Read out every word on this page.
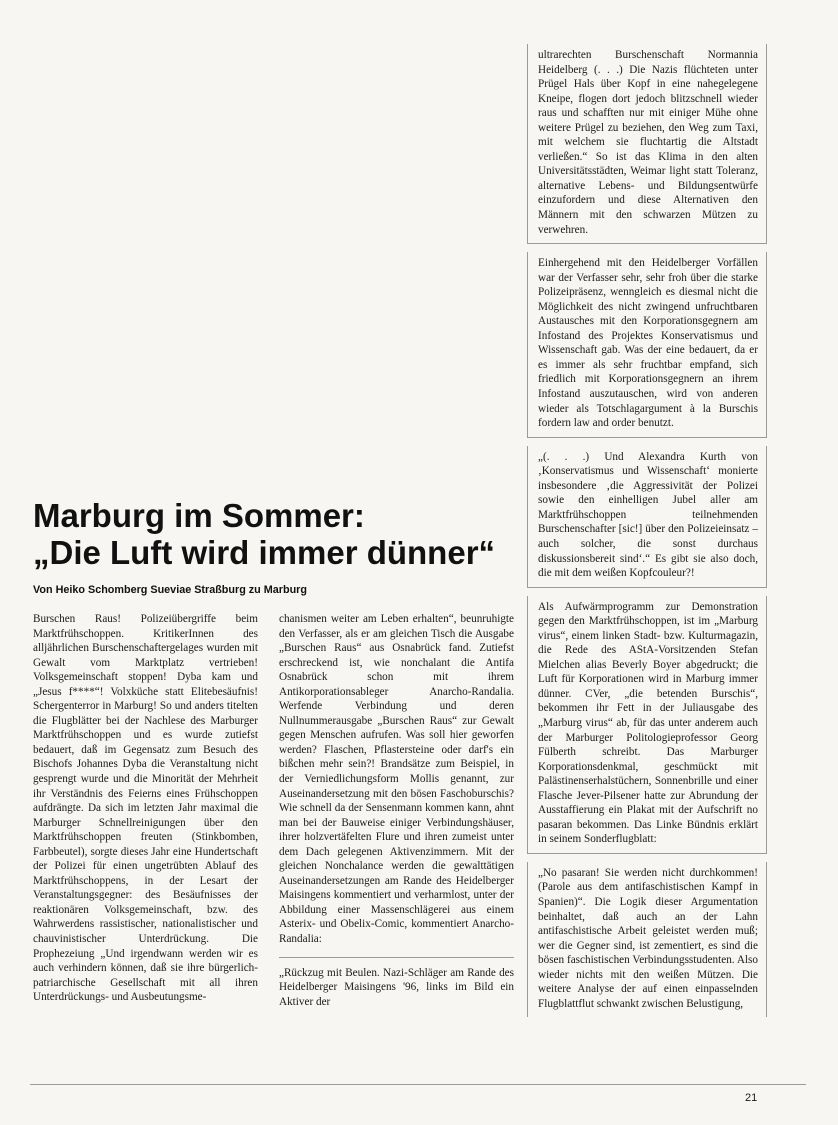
ultrarechten Burschenschaft Normannia Heidelberg (. . .) Die Nazis flüchteten unter Prügel Hals über Kopf in eine nahegelegene Kneipe, flogen dort jedoch blitzschnell wieder raus und schafften nur mit einiger Mühe ohne weitere Prügel zu beziehen, den Weg zum Taxi, mit welchem sie fluchtartig die Altstadt verließen.“ So ist das Klima in den alten Universitätsstädten, Weimar light statt Toleranz, alternative Lebens- und Bildungsentwürfe einzufordern und diese Alternativen den Männern mit den schwarzen Mützen zu verwehren.

Einhergehend mit den Heidelberger Vorfällen war der Verfasser sehr, sehr froh über die starke Polizeipräsenz, wenngleich es diesmal nicht die Möglichkeit des nicht zwingend unfruchtbaren Austausches mit den Korporationsgegnern am Infostand des Projektes Konservatismus und Wissenschaft gab. Was der eine bedauert, da er es immer als sehr fruchtbar empfand, sich friedlich mit Korporationsgegnern an ihrem Infostand auszutauschen, wird von anderen wieder als Totschlagargument à la Burschis fordern law and order benutzt.

„(. . .) Und Alexandra Kurth von ‚Konservatismus und Wissenschaft‘ monierte insbesondere ‚die Aggressivität der Polizei sowie den einhelligen Jubel aller am Marktfrühschoppen teilnehmenden Burschenschafter [sic!] über den Polizeieinsatz – auch solcher, die sonst durchaus diskussionsbereit sind‘.“ Es gibt sie also doch, die mit dem weißen Kopfcouleur?!

Als Aufwärmprogramm zur Demonstration gegen den Marktfrühschoppen, ist im „Marburg virus“, einem linken Stadt- bzw. Kulturmagazin, die Rede des AStA-Vorsitzenden Stefan Mielchen alias Beverly Boyer abgedruckt; die Luft für Korporationen wird in Marburg immer dünner. CVer, „die betenden Burschis“, bekommen ihr Fett in der Juliausgabe des „Marburg virus“ ab, für das unter anderem auch der Marburger Politologieprofessor Georg Fülberth schreibt. Das Marburger Korporationsdenkmal, geschmückt mit Palästinenserhalstüchern, Sonnenbrille und einer Flasche Jever-Pilsener hatte zur Abrundung der Ausstaffierung ein Plakat mit der Aufschrift no pasaran bekommen. Das Linke Bündnis erklärt in seinem Sonderflugblatt:

„No pasaran! Sie werden nicht durchkommen! (Parole aus dem antifaschistischen Kampf in Spanien)“. Die Logik dieser Argumentation beinhaltet, daß auch an der Lahn antifaschistische Arbeit geleistet werden muß; wer die Gegner sind, ist zementiert, es sind die bösen faschistischen Verbindungsstudenten. Also wieder nichts mit den weißen Mützen. Die weitere Analyse der auf einen einpasselnden Flugblattflut schwankt zwischen Belustigung,

Marburg im Sommer:
„Die Luft wird immer dünner“
Von Heiko Schomberg Sueviae Straßburg zu Marburg

Burschen Raus! Polizeiübergriffe beim Marktfrühschoppen. KritikerInnen des alljährlichen Burschenschaftergelages wurden mit Gewalt vom Marktplatz vertrieben! Volksgemeinschaft stoppen! Dyba kam und „Jesus f****“! Volxküche statt Elitebesäufnis! Schergenterror in Marburg! So und anders titelten die Flugblätter bei der Nachlese des Marburger Marktfrühschoppen und es wurde zutiefst bedauert, daß im Gegensatz zum Besuch des Bischofs Johannes Dyba die Veranstaltung nicht gesprengt wurde und die Minorität der Mehrheit ihr Verständnis des Feierns eines Frühschoppen aufdrängte. Da sich im letzten Jahr maximal die Marburger Schnellreinigungen über den Marktfrühschoppen freuten (Stinkbomben, Farbbeutel), sorgte dieses Jahr eine Hundertschaft der Polizei für einen ungetrübten Ablauf des Marktfrühschoppens, in der Lesart der Veranstaltungsgegner: des Besäufnisses der reaktionären Volksgemeinschaft, bzw. des Wahrwerdens rassistischer, nationalistischer und chauvinistischer Unterdrückung. Die Prophezeiung „Und irgendwann werden wir es auch verhindern können, daß sie ihre bürgerlich-patriarchische Gesellschaft mit all ihren Unterdrückungs- und Ausbeutungsme-

chanismen weiter am Leben erhalten“, beunruhigte den Verfasser, als er am gleichen Tisch die Ausgabe „Burschen Raus“ aus Osnabrück fand. Zutiefst erschreckend ist, wie nonchalant die Antifa Osnabrück schon mit ihrem Antikorporationsableger Anarcho-Randalia. Werfende Verbindung und deren Nullnummerausgabe „Burschen Raus“ zur Gewalt gegen Menschen aufrufen. Was soll hier geworfen werden? Flaschen, Pflastersteine oder darf's ein bißchen mehr sein?! Brandsätze zum Beispiel, in der Verniedlichungsform Mollis genannt, zur Auseinandersetzung mit den bösen Faschoburschis? Wie schnell da der Sensenmann kommen kann, ahnt man bei der Bauweise einiger Verbindungshäuser, ihrer holzvertäfelten Flure und ihren zumeist unter dem Dach gelegenen Aktivenzimmern. Mit der gleichen Nonchalance werden die gewalttätigen Auseinandersetzungen am Rande des Heidelberger Maisingens kommentiert und verharmlost, unter der Abbildung einer Massenschlägerei aus einem Asterix- und Obelix-Comic, kommentiert Anarcho-Randalia:

„Rückzug mit Beulen. Nazi-Schläger am Rande des Heidelberger Maisingens '96, links im Bild ein Aktiver der

21
